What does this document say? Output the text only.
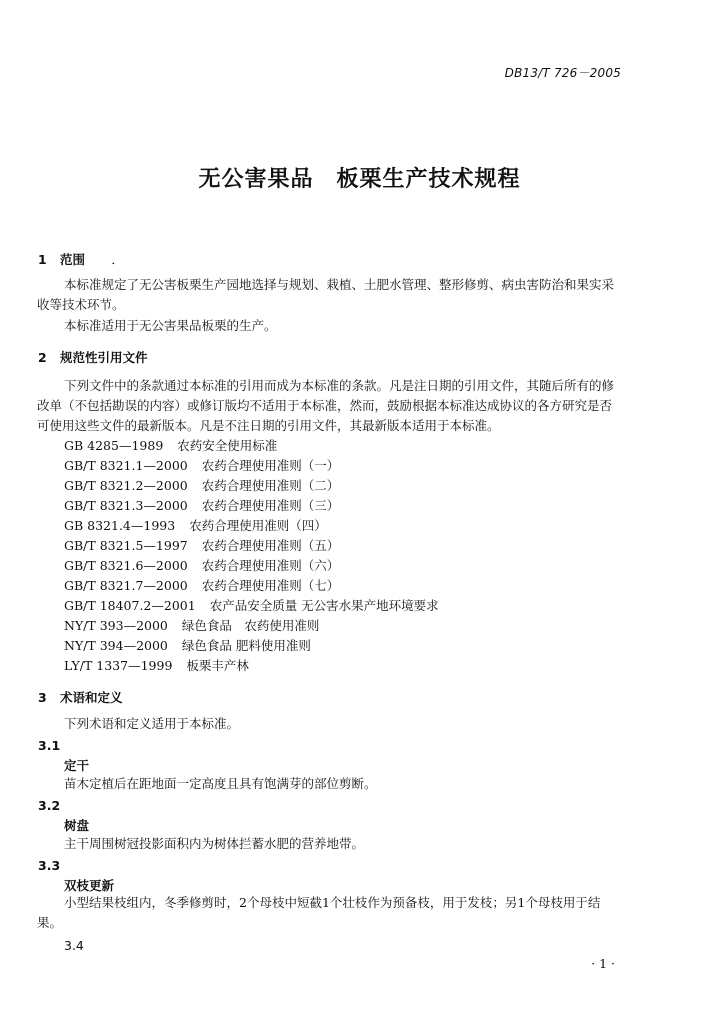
DB13/T 726－2005
无公害果品　板栗生产技术规程
1 范围 ．
本标准规定了无公害板栗生产园地选择与规划、栽植、土肥水管理、整形修剪、病虫害防治和果实采收等技术环节。
本标准适用于无公害果品板栗的生产。
2 规范性引用文件
下列文件中的条款通过本标准的引用而成为本标准的条款。凡是注日期的引用文件，其随后所有的修改单（不包括勘误的内容）或修订版均不适用于本标准，然而，鼓励根据本标准达成协议的各方研究是否可使用这些文件的最新版本。凡是不注日期的引用文件，其最新版本适用于本标准。
GB 4285—1989 农药安全使用标准
GB/T 8321.1—2000 农药合理使用准则（一）
GB/T 8321.2—2000 农药合理使用准则（二）
GB/T 8321.3—2000 农药合理使用准则（三）
GB 8321.4—1993 农药合理使用准则（四）
GB/T 8321.5—1997 农药合理使用准则（五）
GB/T 8321.6—2000 农药合理使用准则（六）
GB/T 8321.7—2000 农药合理使用准则（七）
GB/T 18407.2—2001 农产品安全质量 无公害水果产地环境要求
NY/T 393—2000 绿色食品　农药使用准则
NY/T 394—2000 绿色食品 肥料使用准则
LY/T 1337—1999 板栗丰产林
3 术语和定义
下列术语和定义适用于本标准。
3.1
定干
苗木定植后在距地面一定高度且具有饱满芽的部位剪断。
3.2
树盘
主干周围树冠投影面积内为树体拦蓄水肥的营养地带。
3.3
双枝更新
小型结果枝组内，冬季修剪时，2个母枝中短截1个壮枝作为预备枝，用于发枝；另1个母枝用于结果。
3.4
· 1 ·
